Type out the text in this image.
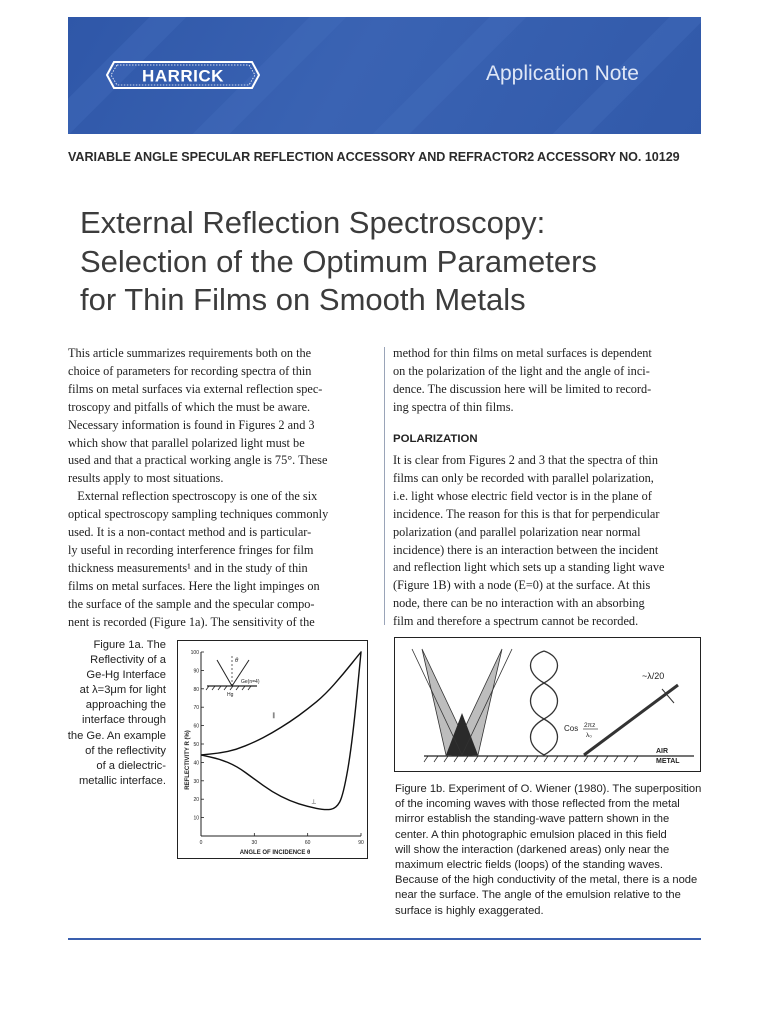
HARRICK	Application Note
VARIABLE ANGLE SPECULAR REFLECTION ACCESSORY AND REFRACTOR2 ACCESSORY NO. 10129
External Reflection Spectroscopy:
Selection of the Optimum Parameters
for Thin Films on Smooth Metals

This article summarizes requirements both on the
choice of parameters for recording spectra of thin
films on metal surfaces via external reflection spec-
troscopy and pitfalls of which the must be aware.
Necessary information is found in Figures 2 and 3
which show that parallel polarized light must be
used and that a practical working angle is 75°. These
results apply to most situations.
External reflection spectroscopy is one of the six
optical spectroscopy sampling techniques commonly
used. It is a non-contact method and is particular-
ly useful in recording interference fringes for film
thickness measurements¹ and in the study of thin
films on metal surfaces. Here the light impinges on
the surface of the sample and the specular compo-
nent is recorded (Figure 1a). The sensitivity of the

method for thin films on metal surfaces is dependent
on the polarization of the light and the angle of inci-
dence. The discussion here will be limited to record-
ing spectra of thin films.

POLARIZATION

It is clear from Figures 2 and 3 that the spectra of thin
films can only be recorded with parallel polarization,
i.e. light whose electric field vector is in the plane of
incidence. The reason for this is that for perpendicular
polarization (and parallel polarization near normal
incidence) there is an interaction between the incident
and reflection light which sets up a standing light wave
(Figure 1B) with a node (E=0) at the surface. At this
node, there can be no interaction with an absorbing
film and therefore a spectrum cannot be recorded.

Figure 1a. The
Reflectivity of a
Ge-Hg Interface
at λ=3μm for light
approaching the
interface through
the Ge. An example
of the reflectivity
of a dielectric-
metallic interface.
100
90
80
70
60
50
40
30
20
10
0	30	60	90
θ
Ge(n=4)
Hg
REFLECTIVITY R (%)
ANGLE OF INCIDENCE θ
∥
⊥
Cos 2πz
λ₀
~λ/20
AIR
METAL
Figure 1b. Experiment of O. Wiener (1980). The superposition
of the incoming waves with those reflected from the metal
mirror establish the standing-wave pattern shown in the
center. A thin photographic emulsion placed in this field
will show the interaction (darkened areas) only near the
maximum electric fields (loops) of the standing waves.
Because of the high conductivity of the metal, there is a node
near the surface. The angle of the emulsion relative to the
surface is highly exaggerated.
